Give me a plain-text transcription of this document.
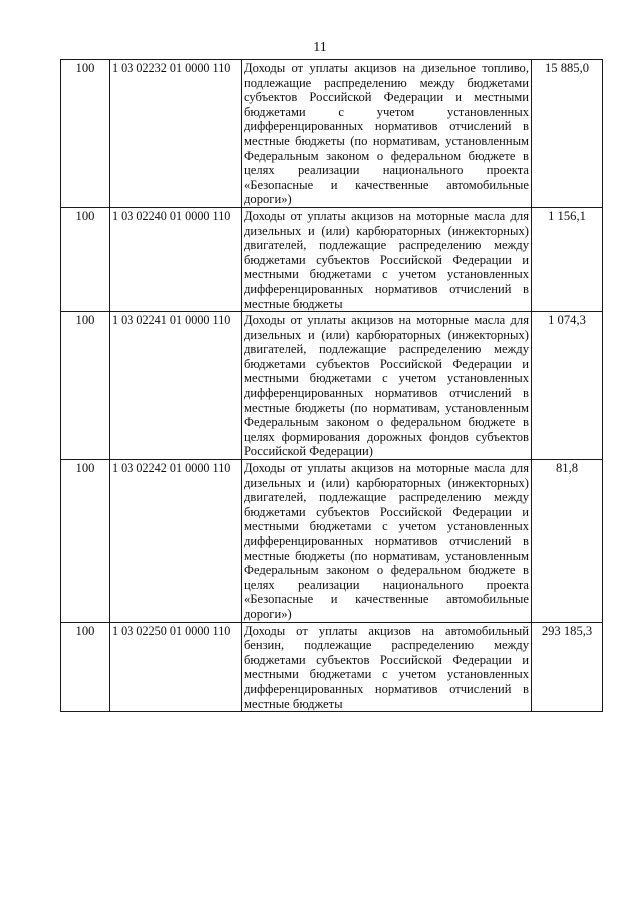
11
100	1 03 02232 01 0000 110	Доходы от уплаты акцизов на дизельное топливо, подлежащие распределению между бюджетами субъектов Российской Федерации и местными бюджетами с учетом установленных дифференцированных нормативов отчислений в местные бюджеты (по нормативам, установленным Федеральным законом о федеральном бюджете в целях реализации национального проекта «Безопасные и качественные автомобильные дороги»)	15 885,0
100	1 03 02240 01 0000 110	Доходы от уплаты акцизов на моторные масла для дизельных и (или) карбюраторных (инжекторных) двигателей, подлежащие распределению между бюджетами субъектов Российской Федерации и местными бюджетами с учетом установленных дифференцированных нормативов отчислений в местные бюджеты	1 156,1
100	1 03 02241 01 0000 110	Доходы от уплаты акцизов на моторные масла для дизельных и (или) карбюраторных (инжекторных) двигателей, подлежащие распределению между бюджетами субъектов Российской Федерации и местными бюджетами с учетом установленных дифференцированных нормативов отчислений в местные бюджеты (по нормативам, установленным Федеральным законом о федеральном бюджете в целях формирования дорожных фондов субъектов Российской Федерации)	1 074,3
100	1 03 02242 01 0000 110	Доходы от уплаты акцизов на моторные масла для дизельных и (или) карбюраторных (инжекторных) двигателей, подлежащие распределению между бюджетами субъектов Российской Федерации и местными бюджетами с учетом установленных дифференцированных нормативов отчислений в местные бюджеты (по нормативам, установленным Федеральным законом о федеральном бюджете в целях реализации национального проекта «Безопасные и качественные автомобильные дороги»)	81,8
100	1 03 02250 01 0000 110	Доходы от уплаты акцизов на автомобильный бензин, подлежащие распределению между бюджетами субъектов Российской Федерации и местными бюджетами с учетом установленных дифференцированных нормативов отчислений в местные бюджеты	293 185,3
